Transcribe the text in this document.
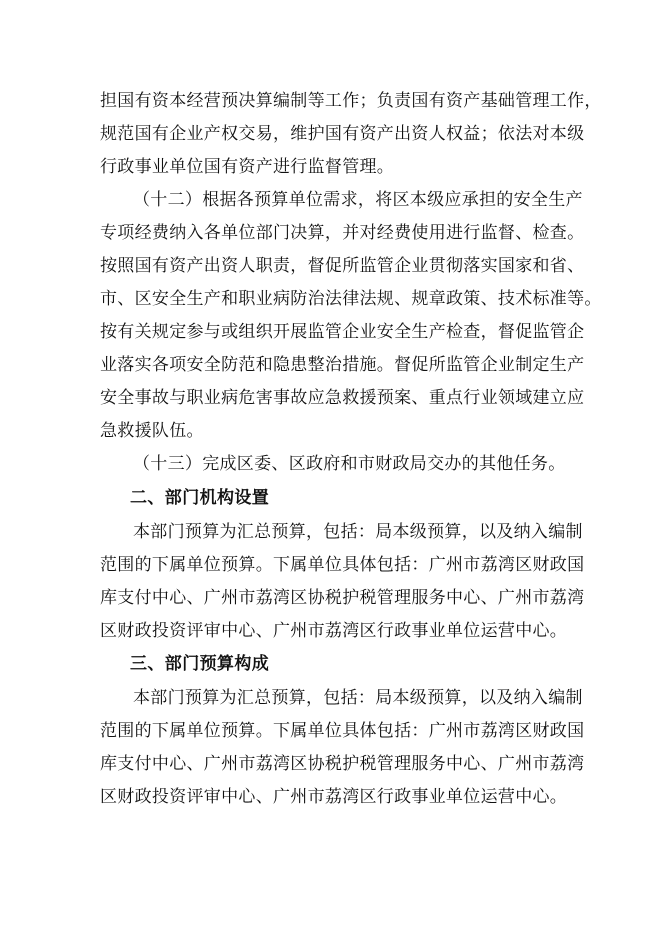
担国有资本经营预决算编制等工作；负责国有资产基础管理工作，
规范国有企业产权交易，维护国有资产出资人权益；依法对本级
行政事业单位国有资产进行监督管理。
（十二）根据各预算单位需求，将区本级应承担的安全生产
专项经费纳入各单位部门决算，并对经费使用进行监督、检查。
按照国有资产出资人职责，督促所监管企业贯彻落实国家和省、
市、区安全生产和职业病防治法律法规、规章政策、技术标准等。
按有关规定参与或组织开展监管企业安全生产检查，督促监管企
业落实各项安全防范和隐患整治措施。督促所监管企业制定生产
安全事故与职业病危害事故应急救援预案、重点行业领域建立应
急救援队伍。
（十三）完成区委、区政府和市财政局交办的其他任务。
二、部门机构设置
本部门预算为汇总预算，包括：局本级预算，以及纳入编制
范围的下属单位预算。下属单位具体包括：广州市荔湾区财政国
库支付中心、广州市荔湾区协税护税管理服务中心、广州市荔湾
区财政投资评审中心、广州市荔湾区行政事业单位运营中心。
三、部门预算构成
本部门预算为汇总预算，包括：局本级预算，以及纳入编制
范围的下属单位预算。下属单位具体包括：广州市荔湾区财政国
库支付中心、广州市荔湾区协税护税管理服务中心、广州市荔湾
区财政投资评审中心、广州市荔湾区行政事业单位运营中心。
